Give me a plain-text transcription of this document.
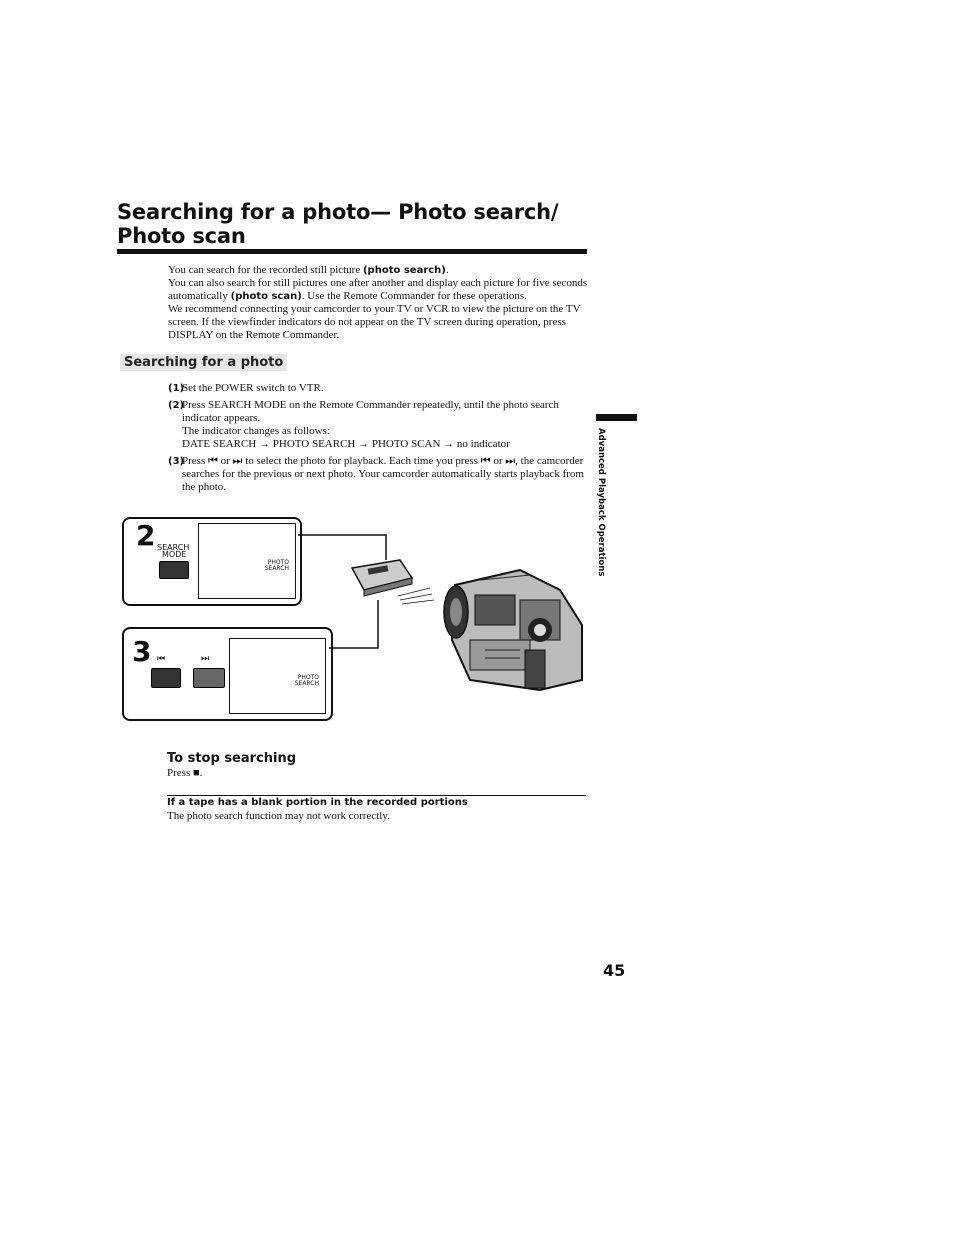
Searching for a photo— Photo search/
Photo scan

You can search for the recorded still picture (photo search).

You can also search for still pictures one after another and display each picture for five seconds automatically (photo scan). Use the Remote Commander for these operations.

We recommend connecting your camcorder to your TV or VCR to view the picture on the TV screen. If the viewfinder indicators do not appear on the TV screen during operation, press DISPLAY on the Remote Commander.

Searching for a photo
(1)
Set the POWER switch to VTR.
(2)
Press SEARCH MODE on the Remote Commander repeatedly, until the photo search indicator appears.
The indicator changes as follows:
DATE SEARCH → PHOTO SEARCH → PHOTO SCAN → no indicator
(3)
Press ⏮ or ⏭ to select the photo for playback. Each time you press ⏮ or ⏭, the camcorder searches for the previous or next photo. Your camcorder automatically starts playback from the photo.	Advanced Playback Operations
2 SEARCH
MODE
PHOTO
SEARCH
3 ⏮	⏭
PHOTO
SEARCH
To stop searching
Press ■.
If a tape has a blank portion in the recorded portions
The photo search function may not work correctly.
45
